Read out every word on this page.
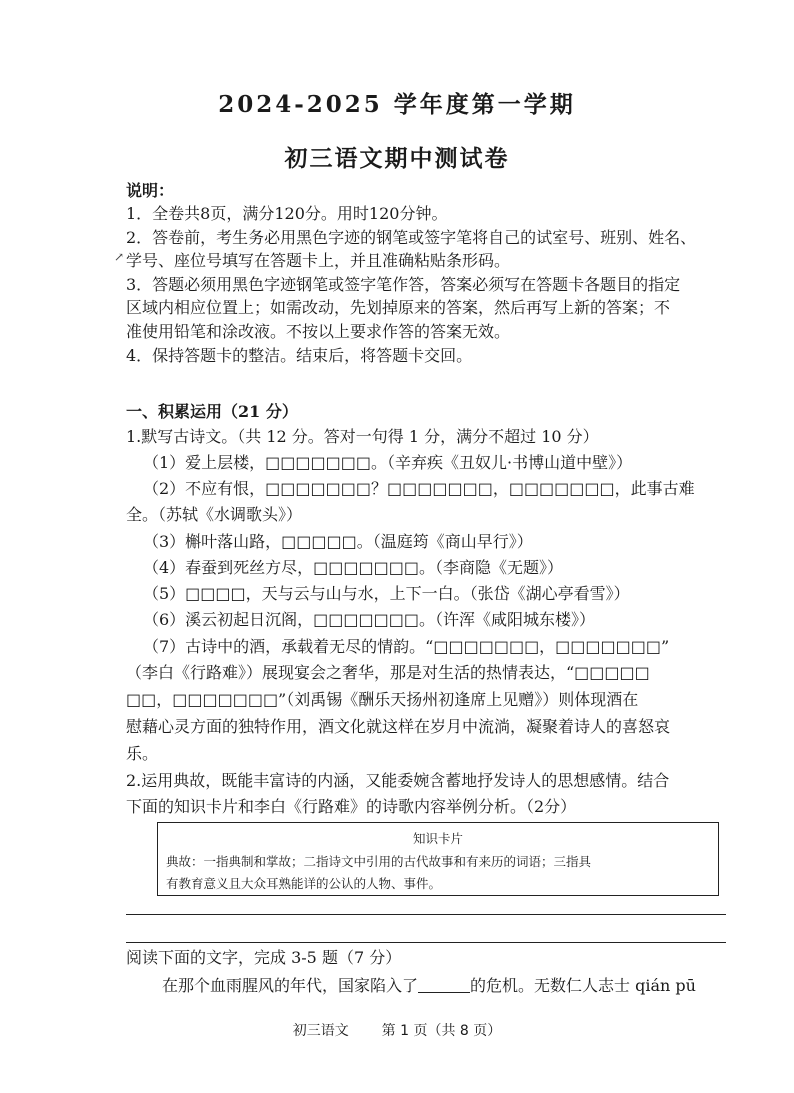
2024-2025 学年度第一学期
初三语文期中测试卷
说明：
1．全卷共8页，满分120分。用时120分钟。
2．答卷前，考生务必用黑色字迹的钢笔或签字笔将自己的试室号、班别、姓名、
↗ 学号、座位号填写在答题卡上，并且准确粘贴条形码。
3．答题必须用黑色字迹钢笔或签字笔作答，答案必须写在答题卡各题目的指定
区域内相应位置上；如需改动，先划掉原来的答案，然后再写上新的答案；不
准使用铅笔和涂改液。不按以上要求作答的答案无效。
4．保持答题卡的整洁。结束后，将答题卡交回。
一、积累运用（21 分）
1.默写古诗文。（共 12 分。答对一句得 1 分，满分不超过 10 分）
（1）爱上层楼，□□□□□□□。（辛弃疾《丑奴儿·书博山道中壁》）
（2）不应有恨，□□□□□□□？□□□□□□□，□□□□□□□，此事古难
全。（苏轼《水调歌头》）
（3）槲叶落山路，□□□□□。（温庭筠《商山早行》）
（4）春蚕到死丝方尽，□□□□□□□。（李商隐《无题》）
（5）□□□□，天与云与山与水，上下一白。（张岱《湖心亭看雪》）
（6）溪云初起日沉阁，□□□□□□□。（许浑《咸阳城东楼》）
（7）古诗中的酒，承载着无尽的情韵。“□□□□□□□，□□□□□□□”
（李白《行路难》）展现宴会之奢华，那是对生活的热情表达，“□□□□□
□□，□□□□□□□”（刘禹锡《酬乐天扬州初逢席上见赠》）则体现酒在
慰藉心灵方面的独特作用，酒文化就这样在岁月中流淌，凝聚着诗人的喜怒哀
乐。
2.运用典故，既能丰富诗的内涵，又能委婉含蓄地抒发诗人的思想感情。结合
下面的知识卡片和李白《行路难》的诗歌内容举例分析。（2分）
知识卡片
典故：一指典制和掌故；二指诗文中引用的古代故事和有来历的词语；三指具
有教育意义且大众耳熟能详的公认的人物、事件。
阅读下面的文字，完成 3-5 题（7 分）
在那个血雨腥风的年代，国家陷入了	的危机。无数仁人志士 qián pū
初三语文 第 1 页（共 8 页）
